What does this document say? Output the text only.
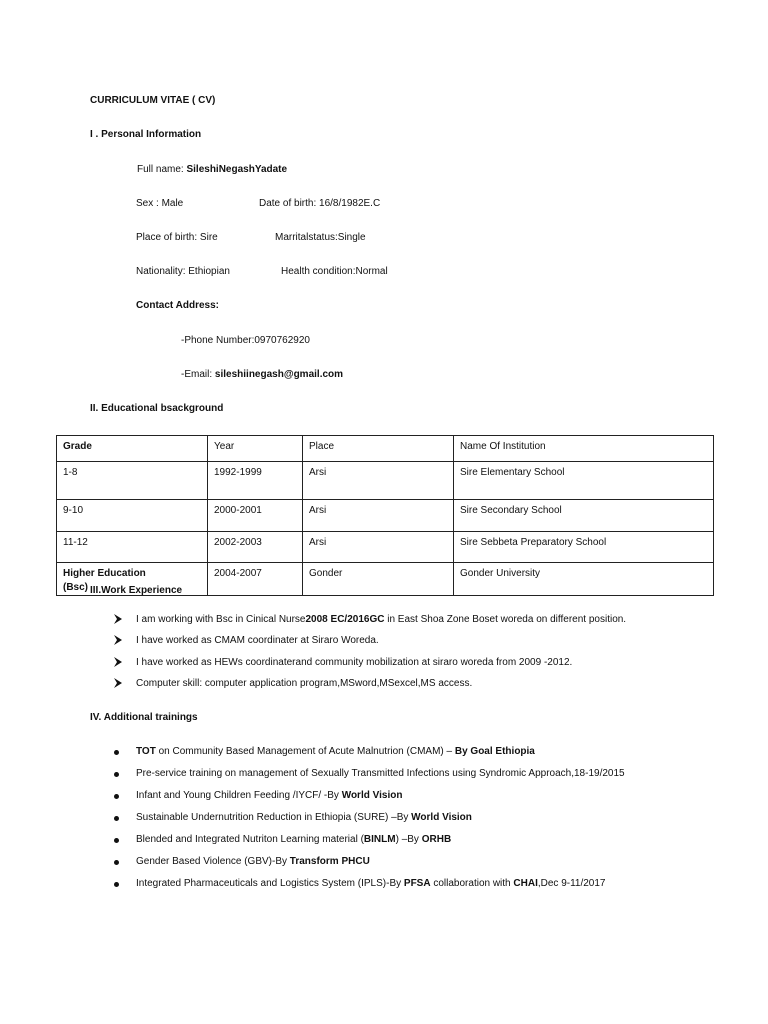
CURRICULUM VITAE ( CV)
I . Personal Information
Full name: SileshiNegashYadate
Sex : Male	Date of birth: 16/8/1982E.C
Place of birth: Sire	Marritalstatus:Single
Nationality: Ethiopian	Health condition:Normal
Contact Address:
-Phone Number:0970762920
-Email: sileshiinegash@gmail.com
II. Educational bsackground
Grade	Year	Place	Name Of Institution
1-8	1992-1999	Arsi	Sire Elementary School
9-10	2000-2001	Arsi	Sire Secondary School
11-12	2002-2003	Arsi	Sire Sebbeta Preparatory School

Higher Education (Bsc)	2004-2007	Gonder	Gonder University
III.Work Experience
I am working with Bsc in Cinical Nurse2008 EC/2016GC in East Shoa Zone Boset woreda on different position.
I have worked as CMAM coordinater at Siraro Woreda.
I have worked as HEWs coordinaterand community mobilization at siraro woreda from 2009 -2012.
Computer skill: computer application program,MSword,MSexcel,MS access.
IV. Additional trainings
TOT on Community Based Management of Acute Malnutrion (CMAM) – By Goal Ethiopia
Pre-service training on management of Sexually Transmitted Infections using Syndromic Approach,18-19/2015
Infant and Young Children Feeding /IYCF/ -By World Vision
Sustainable Undernutrition Reduction in Ethiopia (SURE) –By World Vision
Blended and Integrated Nutriton Learning material (BINLM) –By ORHB
Gender Based Violence (GBV)-By Transform PHCU
Integrated Pharmaceuticals and Logistics System (IPLS)-By PFSA collaboration with CHAI,Dec 9-11/2017
